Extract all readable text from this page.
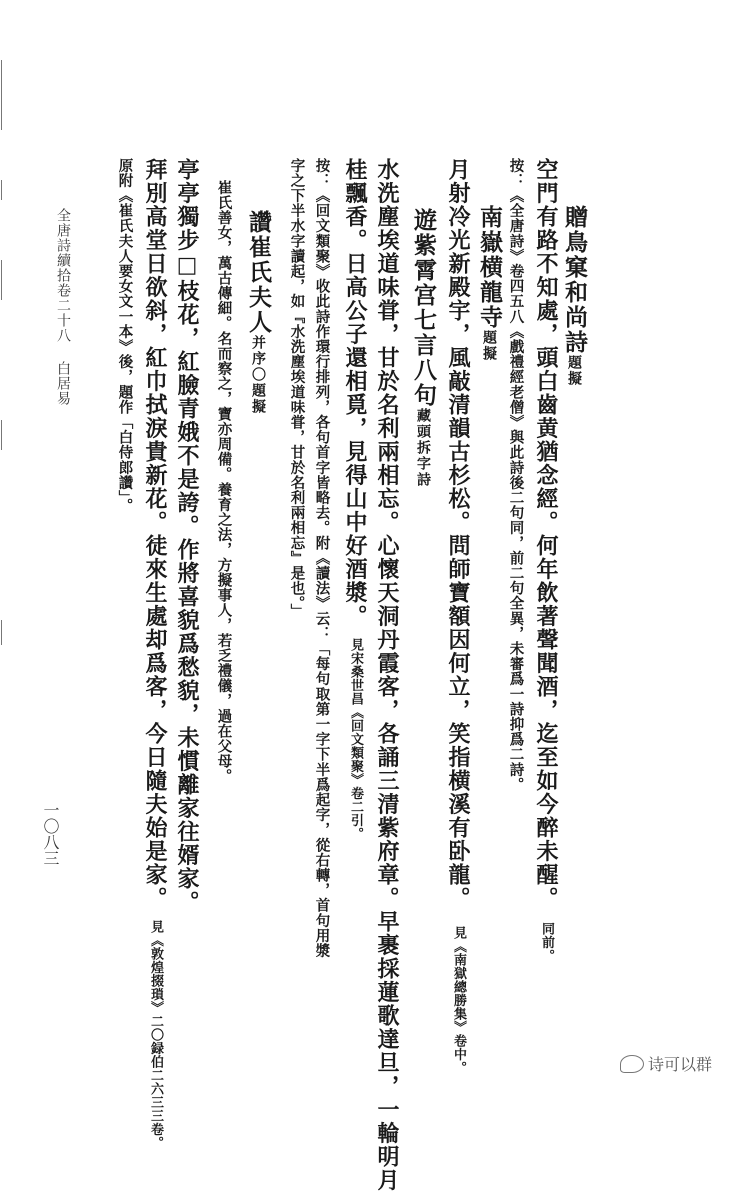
贈鳥窠和尚詩題擬
空門有路不知處，頭白齒黄猶念經。何年飲著聲聞酒，迄至如今醉未醒。同前。
按：《全唐詩》卷四五八《戲禮經老僧》與此詩後二句同，前二句全異，未審爲一詩抑爲二詩。
南嶽横龍寺題擬
月射冷光新殿宇，風敲清韻古杉松。問師寶額因何立，笑指横溪有卧龍。見《南獄總勝集》卷中。
遊紫霄宫七言八句藏頭拆字詩
水洗塵埃道味甞，甘於名利兩相忘。心懷天洞丹霞客，各誦三清紫府章。早裹採蓮歌達旦，一輪明月
桂飄香。日高公子還相覓，見得山中好酒漿。見宋桑世昌《回文類聚》卷二引。
按：《回文類聚》收此詩作環行排列，各句首字皆略去。附《讀法》云：「每句取第一字下半爲起字，從右轉，首句用漿
字之下半水字讀起，如『水洗塵埃道味甞，甘於名利兩相忘』是也。」
讚崔氏夫人并序〇題擬
崔氏善女，萬古傳細。名而察之，寶亦周備。養育之法，方擬事人，若乏禮儀，過在父母。
亭亭獨步□枝花，紅臉青娥不是誇。作將喜貌爲愁貌，未慣離家往婿家。
拜別高堂日欲斜，紅巾拭淚貴新花。徒來生處却爲客，今日隨夫始是家。見《敦煌掇瑣》二〇録伯二六三三卷。
原附《崔氏夫人要女文一本》後，題作「白侍郎讚」。
全唐詩續拾卷二十八白居易
一〇八三
诗可以群
